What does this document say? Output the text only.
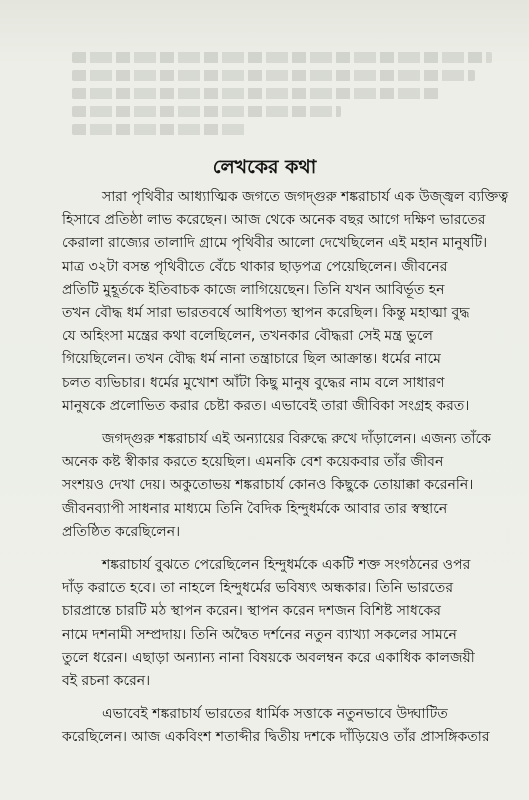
লেখকের কথা

সারা পৃথিবীর আধ্যাত্মিক জগতে জগদ্গুরু শঙ্করাচার্য এক উজ্জ্বল ব্যক্তিত্ব
হিসাবে প্রতিষ্ঠা লাভ করেছেন। আজ থেকে অনেক বছর আগে দক্ষিণ ভারতের
কেরালা রাজ্যের তালাদি গ্রামে পৃথিবীর আলো দেখেছিলেন এই মহান মানুষটি।
মাত্র ৩২টা বসন্ত পৃথিবীতে বেঁচে থাকার ছাড়পত্র পেয়েছিলেন। জীবনের
প্রতিটি মুহূর্তকে ইতিবাচক কাজে লাগিয়েছেন। তিনি যখন আবির্ভূত হন
তখন বৌদ্ধ ধর্ম সারা ভারতবর্ষে আধিপত্য স্থাপন করেছিল। কিন্তু মহাত্মা বুদ্ধ
যে অহিংসা মন্ত্রের কথা বলেছিলেন, তখনকার বৌদ্ধরা সেই মন্ত্র ভুলে
গিয়েছিলেন। তখন বৌদ্ধ ধর্ম নানা তন্ত্রাচারে ছিল আক্রান্ত। ধর্মের নামে
চলত ব্যভিচার। ধর্মের মুখোশ আঁটা কিছু মানুষ বুদ্ধের নাম বলে সাধারণ
মানুষকে প্রলোভিত করার চেষ্টা করত। এভাবেই তারা জীবিকা সংগ্রহ করত।

জগদ্গুরু শঙ্করাচার্য এই অন্যায়ের বিরুদ্ধে রুখে দাঁড়ালেন। এজন্য তাঁকে
অনেক কষ্ট স্বীকার করতে হয়েছিল। এমনকি বেশ কয়েকবার তাঁর জীবন
সংশয়ও দেখা দেয়। অকুতোভয় শঙ্করাচার্য কোনও কিছুকে তোয়াক্কা করেননি।
জীবনব্যাপী সাধনার মাধ্যমে তিনি বৈদিক হিন্দুধর্মকে আবার তার স্বস্থানে
প্রতিষ্ঠিত করেছিলেন।

শঙ্করাচার্য বুঝতে পেরেছিলেন হিন্দুধর্মকে একটি শক্ত সংগঠনের ওপর
দাঁড় করাতে হবে। তা নাহলে হিন্দুধর্মের ভবিষ্যৎ অন্ধকার। তিনি ভারতের
চারপ্রান্তে চারটি মঠ স্থাপন করেন। স্থাপন করেন দশজন বিশিষ্ট সাধকের
নামে দশনামী সম্প্রদায়। তিনি অদ্বৈত দর্শনের নতুন ব্যাখ্যা সকলের সামনে
তুলে ধরেন। এছাড়া অন্যান্য নানা বিষয়কে অবলম্বন করে একাধিক কালজয়ী
বই রচনা করেন।

এভাবেই শঙ্করাচার্য ভারতের ধার্মিক সত্তাকে নতুনভাবে উদ্ঘাটিত
করেছিলেন। আজ একবিংশ শতাব্দীর দ্বিতীয় দশকে দাঁড়িয়েও তাঁর প্রাসঙ্গিকতার
